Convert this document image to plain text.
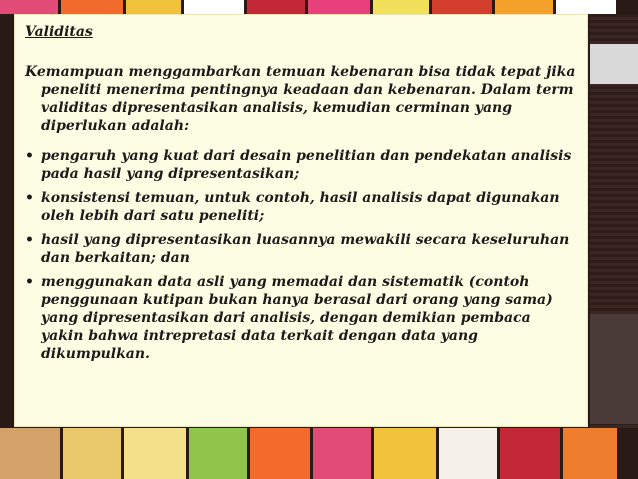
Validitas

Kemampuan menggambarkan temuan kebenaran bisa tidak tepat jika peneliti menerima pentingnya keadaan dan kebenaran. Dalam term validitas dipresentasikan analisis, kemudian cerminan yang diperlukan adalah:

• pengaruh yang kuat dari desain penelitian dan pendekatan analisis pada hasil yang dipresentasikan;
• konsistensi temuan, untuk contoh, hasil analisis dapat digunakan oleh lebih dari satu peneliti;
• hasil yang dipresentasikan luasannya mewakili secara keseluruhan dan berkaitan; dan
• menggunakan data asli yang memadai dan sistematik (contoh penggunaan kutipan bukan hanya berasal dari orang yang sama) yang dipresentasikan dari analisis, dengan demikian pembaca yakin bahwa intrepretasi data terkait dengan data yang dikumpulkan.
